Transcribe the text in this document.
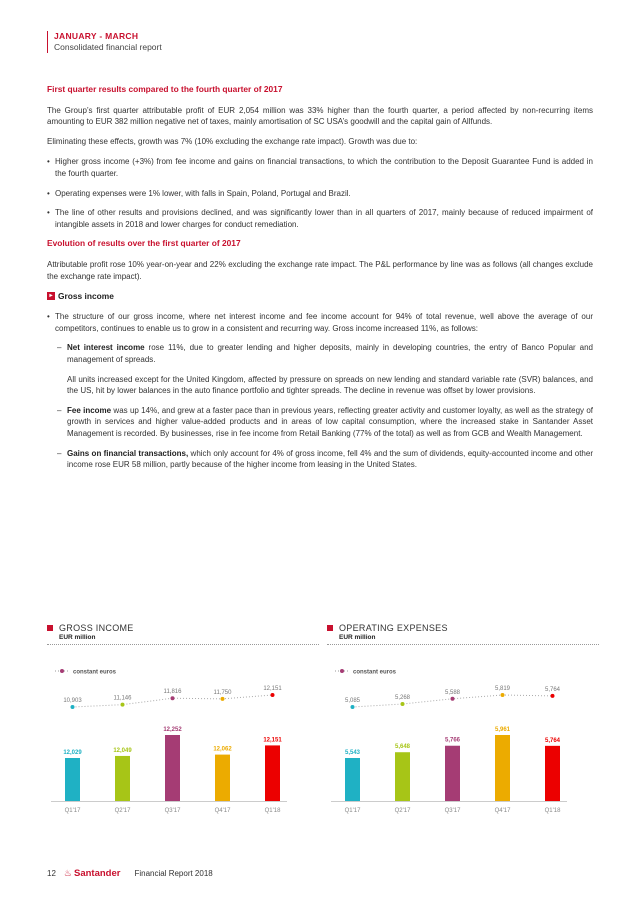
JANUARY - MARCH
Consolidated financial report
First quarter results compared to the fourth quarter of 2017

The Group’s first quarter attributable profit of EUR 2,054 million was 33% higher than the fourth quarter, a period affected by non-recurring items amounting to EUR 382 million negative net of taxes, mainly amortisation of SC USA’s goodwill and the capital gain of Allfunds.

Eliminating these effects, growth was 7% (10% excluding the exchange rate impact). Growth was due to:

• Higher gross income (+3%) from fee income and gains on financial transactions, to which the contribution to the Deposit Guarantee Fund is added in the fourth quarter.
• Operating expenses were 1% lower, with falls in Spain, Poland, Portugal and Brazil.
• The line of other results and provisions declined, and was significantly lower than in all quarters of 2017, mainly because of reduced impairment of intangible assets in 2018 and lower charges for conduct remediation.
Evolution of results over the first quarter of 2017

Attributable profit rose 10% year-on-year and 22% excluding the exchange rate impact. The P&L performance by line was as follows (all changes exclude the exchange rate impact).

▸ Gross income
• The structure of our gross income, where net interest income and fee income account for 94% of total revenue, well above the average of our competitors, continues to enable us to grow in a consistent and recurring way. Gross income increased 11%, as follows:
– Net interest income rose 11%, due to greater lending and higher deposits, mainly in developing countries, the entry of Banco Popular and management of spreads.
All units increased except for the United Kingdom, affected by pressure on spreads on new lending and standard variable rate (SVR) balances, and the US, hit by lower balances in the auto finance portfolio and tighter spreads. The decline in revenue was offset by lower provisions.
– Fee income was up 14%, and grew at a faster pace than in previous years, reflecting greater activity and customer loyalty, as well as the strategy of growth in services and higher value-added products and in areas of low capital consumption, where the increased stake in Santander Asset Management is recorded. By businesses, rise in fee income from Retail Banking (77% of the total) as well as from GCB and Wealth Management.
– Gains on financial transactions, which only account for 4% of gross income, fell 4% and the sum of dividends, equity-accounted income and other income rose EUR 58 million, partly because of the higher income from leasing in the United States.
GROSS INCOME
EUR million
constant euros
10,903	11,146
11,816	11,750
12,151
12,029
Q1'17
12,049
Q2'17
12,252
Q3'17
12,062
Q4'17
12,151
Q1'18
OPERATING EXPENSES
EUR million
constant euros
5,085	5,268
5,588
5,819	5,764
5,543
Q1'17
5,648
Q2'17
5,766
Q3'17
5,961
Q4'17
5,764
Q1'18
12 ♨ Santander Financial Report 2018
